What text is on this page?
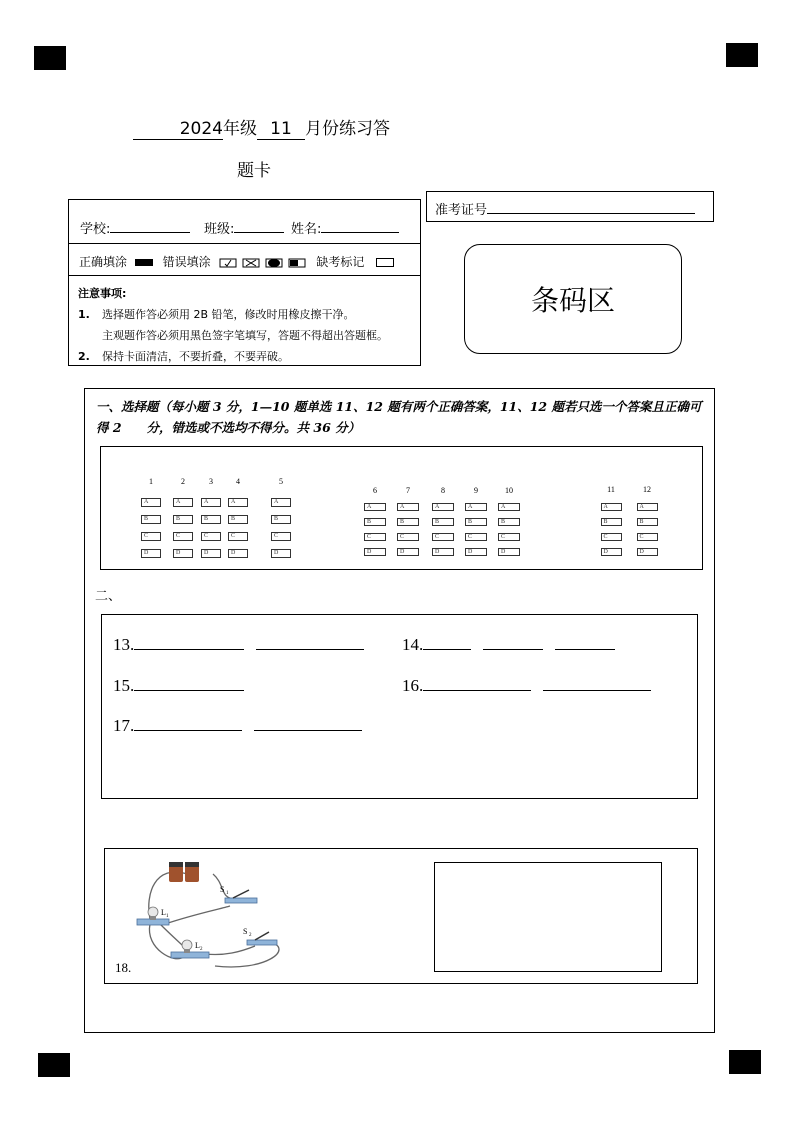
2024年级 11 月份练习答
题卡
学校:	班级:	姓名:
正确填涂	错误填涂	缺考标记
注意事项:
1. 选择题作答必须用 2B 铅笔，修改时用橡皮擦干净。
主观题作答必须用黑色签字笔填写，答题不得超出答题框。
2. 保持卡面清洁，不要折叠，不要弄破。
准考证号
条码区
一、选择题（每小题 3 分，1—10 题单选 11、12 题有两个正确答案，11、12 题若只选一个答案且正确可
得 2　　分，错选或不选均不得分。共 36 分）
1
A
B
C
D
2
A
B
C
D
3
A
B
C
D
4
A
B
C
D
5
A
B
C
D
6
A
B
C
D
7
A
B
C
D
8
A
B
C
D
9
A
B
C
D
10
A
B
C
D
11
A
B
C
D
12
A
B
C
D
二、
13.	14.
15.	16.
17.
S 1
L 1
L 2
S 2
18.
